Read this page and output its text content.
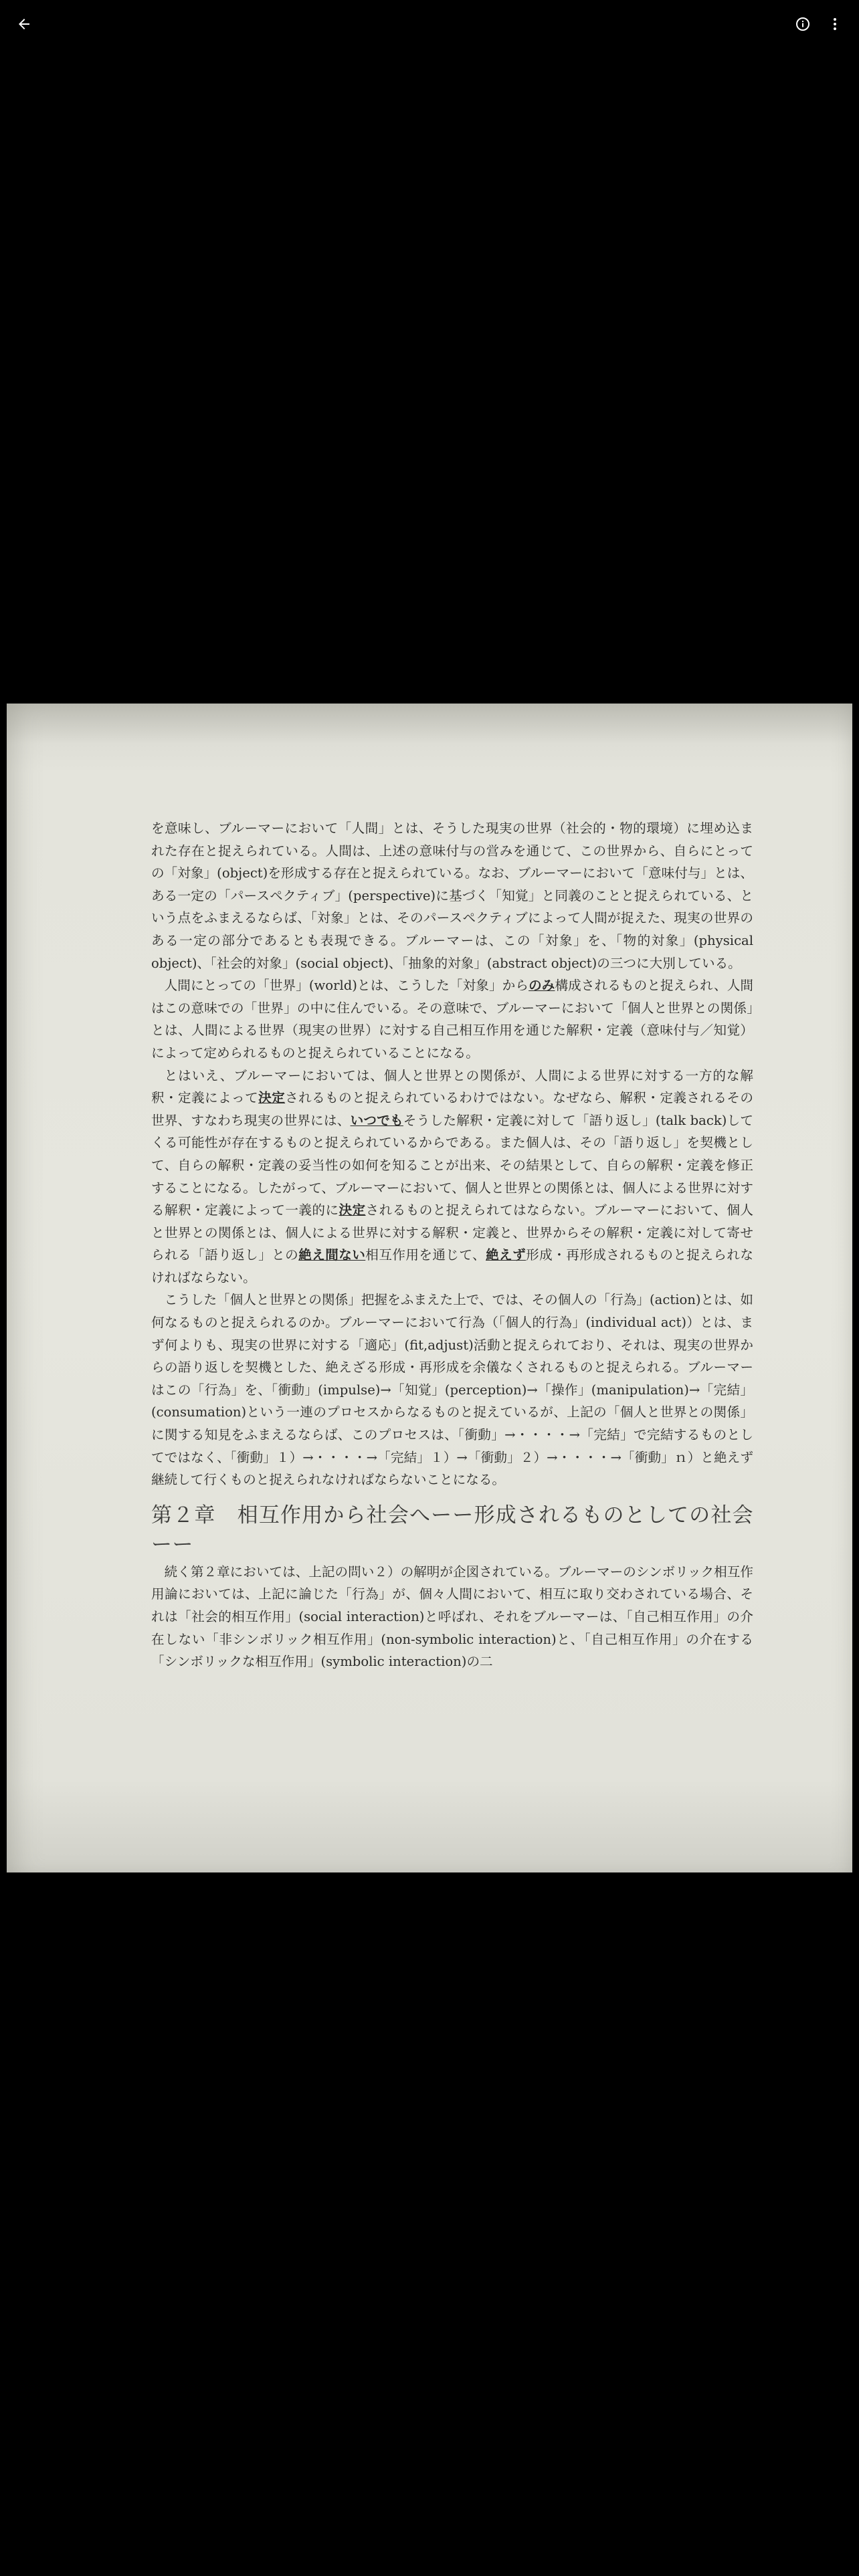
を意味し、ブルーマーにおいて「人間」とは、そうした現実の世界（社会的・物的環境）に埋め込まれた存在と捉えられている。人間は、上述の意味付与の営みを通じて、この世界から、自らにとっての「対象」(object)を形成する存在と捉えられている。なお、ブルーマーにおいて「意味付与」とは、ある一定の「パースペクティブ」(perspective)に基づく「知覚」と同義のことと捉えられている、という点をふまえるならば、「対象」とは、そのパースペクティブによって人間が捉えた、現実の世界のある一定の部分であるとも表現できる。ブルーマーは、この「対象」を、「物的対象」(physical object)、「社会的対象」(social object)、「抽象的対象」(abstract object)の三つに大別している。

人間にとっての「世界」(world)とは、こうした「対象」からのみ構成されるものと捉えられ、人間はこの意味での「世界」の中に住んでいる。その意味で、ブルーマーにおいて「個人と世界との関係」とは、人間による世界（現実の世界）に対する自己相互作用を通じた解釈・定義（意味付与／知覚）によって定められるものと捉えられていることになる。

とはいえ、ブルーマーにおいては、個人と世界との関係が、人間による世界に対する一方的な解釈・定義によって決定されるものと捉えられているわけではない。なぜなら、解釈・定義されるその世界、すなわち現実の世界には、いつでもそうした解釈・定義に対して「語り返し」(talk back)してくる可能性が存在するものと捉えられているからである。また個人は、その「語り返し」を契機として、自らの解釈・定義の妥当性の如何を知ることが出来、その結果として、自らの解釈・定義を修正することになる。したがって、ブルーマーにおいて、個人と世界との関係とは、個人による世界に対する解釈・定義によって一義的に決定されるものと捉えられてはならない。ブルーマーにおいて、個人と世界との関係とは、個人による世界に対する解釈・定義と、世界からその解釈・定義に対して寄せられる「語り返し」との絶え間ない相互作用を通じて、絶えず形成・再形成されるものと捉えられなければならない。

こうした「個人と世界との関係」把握をふまえた上で、では、その個人の「行為」(action)とは、如何なるものと捉えられるのか。ブルーマーにおいて行為（「個人的行為」(individual act)）とは、まず何よりも、現実の世界に対する「適応」(fit,adjust)活動と捉えられており、それは、現実の世界からの語り返しを契機とした、絶えざる形成・再形成を余儀なくされるものと捉えられる。ブルーマーはこの「行為」を、「衝動」(impulse)→「知覚」(perception)→「操作」(manipulation)→「完結」(consumation)という一連のプロセスからなるものと捉えているが、上記の「個人と世界との関係」に関する知見をふまえるならば、このプロセスは、「衝動」→・・・・→「完結」で完結するものとしてではなく、「衝動」１）→・・・・→「完結」１）→「衝動」２）→・・・・→「衝動」ｎ）と絶えず継続して行くものと捉えられなければならないことになる。

第２章　相互作用から社会へーー形成されるものとしての社会ーー

続く第２章においては、上記の問い２）の解明が企図されている。ブルーマーのシンボリック相互作用論においては、上記に論じた「行為」が、個々人間において、相互に取り交わされている場合、それは「社会的相互作用」(social interaction)と呼ばれ、それをブルーマーは、「自己相互作用」の介在しない「非シンボリック相互作用」(non-symbolic interaction)と、「自己相互作用」の介在する「シンボリックな相互作用」(symbolic interaction)の二
